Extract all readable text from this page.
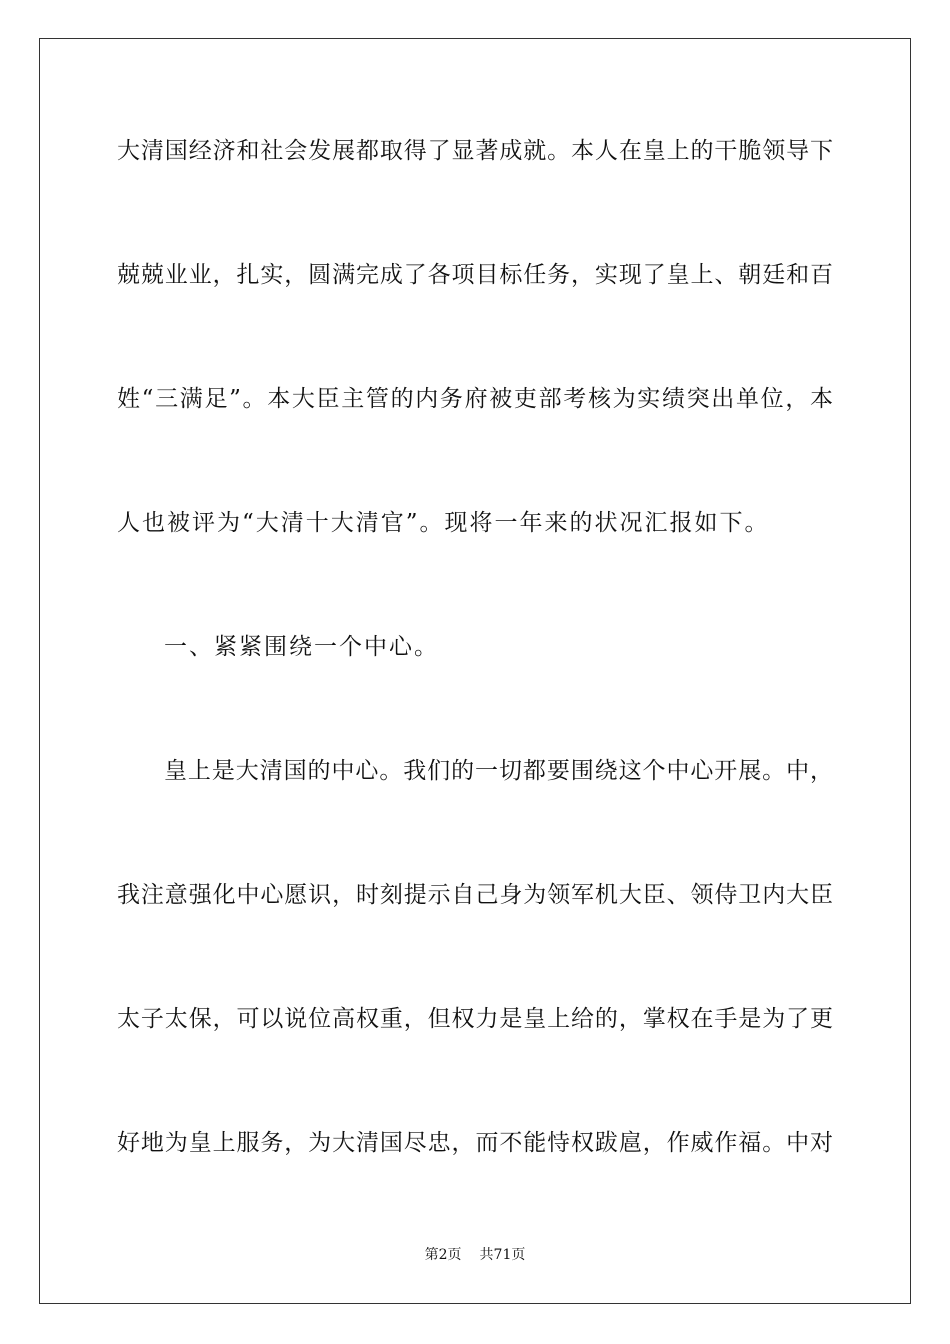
大清国经济和社会发展都取得了显著成就。本人在皇上的干脆领导下
兢兢业业，扎实，圆满完成了各项目标任务，实现了皇上、朝廷和百
姓“三满足”。本大臣主管的内务府被吏部考核为实绩突出单位，本
人也被评为“大清十大清官”。现将一年来的状况汇报如下。
一、紧紧围绕一个中心。
皇上是大清国的中心。我们的一切都要围绕这个中心开展。中，
我注意强化中心愿识，时刻提示自己身为领军机大臣、领侍卫内大臣
太子太保，可以说位高权重，但权力是皇上给的，掌权在手是为了更
好地为皇上服务，为大清国尽忠，而不能恃权跋扈，作威作福。中对
第2页 共71页
